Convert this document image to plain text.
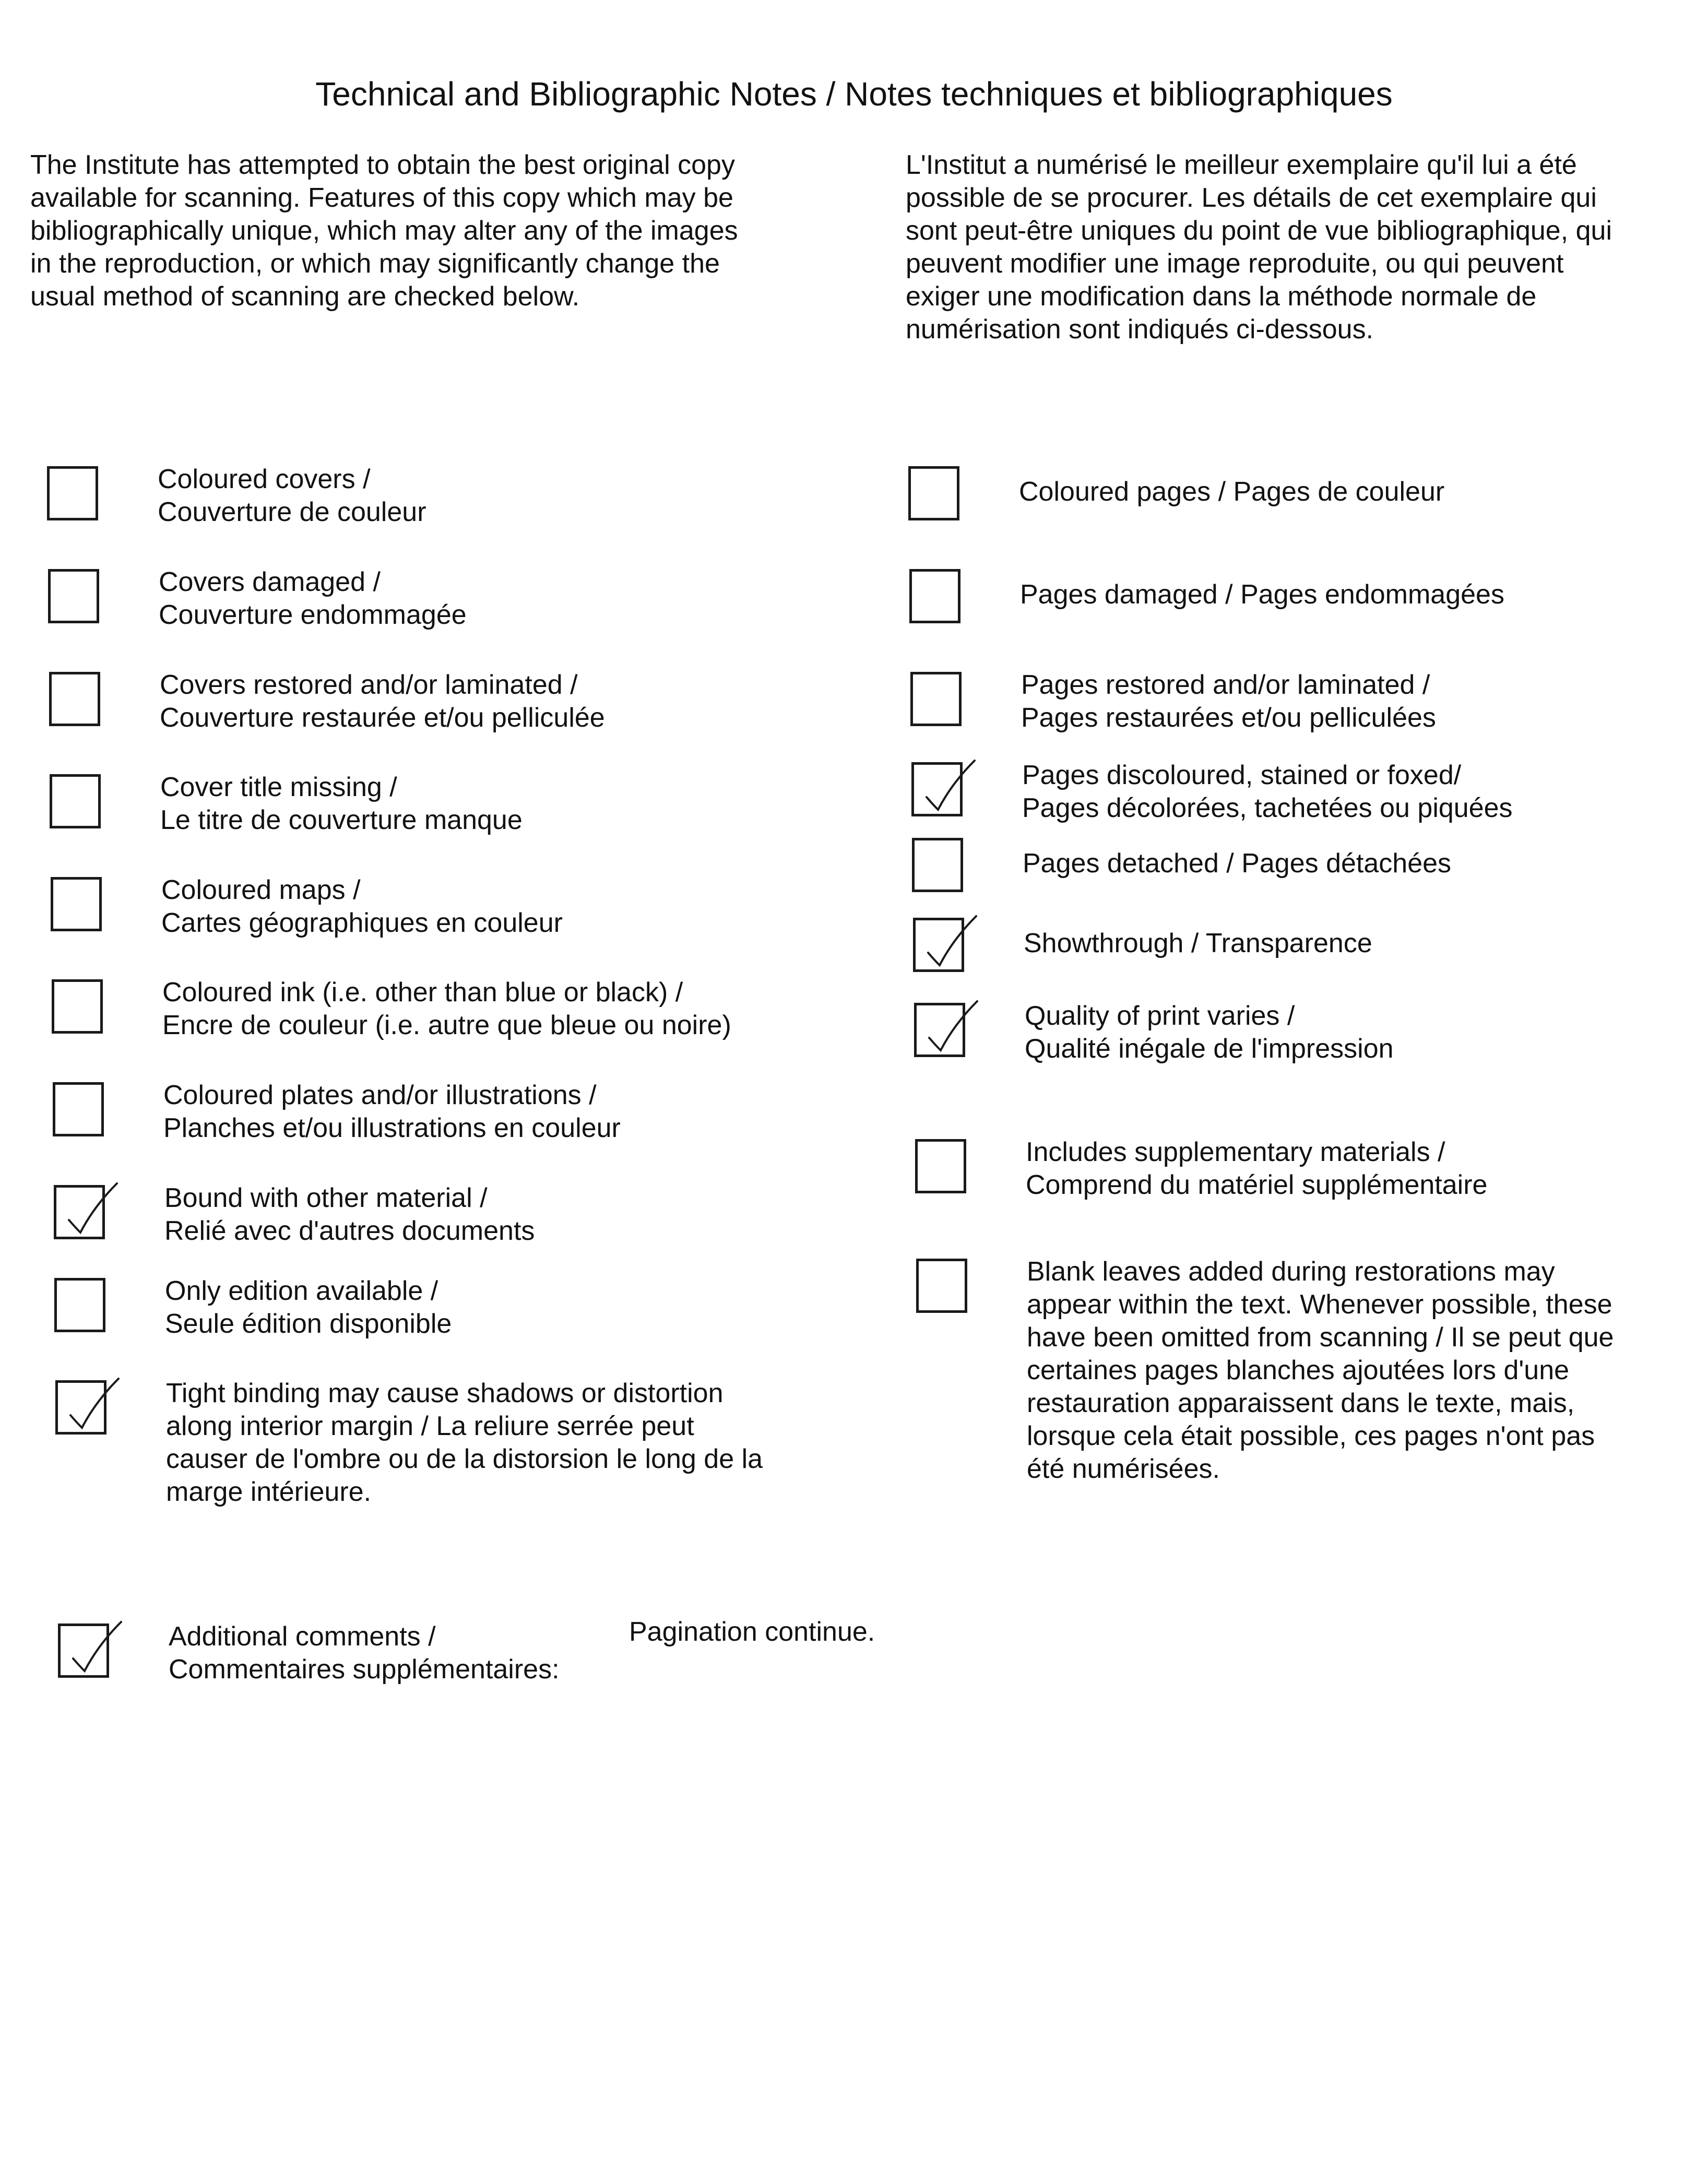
Technical and Bibliographic Notes / Notes techniques et bibliographiques
The Institute has attempted to obtain the best original copy
available for scanning. Features of this copy which may be
bibliographically unique, which may alter any of the images
in the reproduction, or which may significantly change the
usual method of scanning are checked below.
L'Institut a numérisé le meilleur exemplaire qu'il lui a été
possible de se procurer. Les détails de cet exemplaire qui
sont peut-être uniques du point de vue bibliographique, qui
peuvent modifier une image reproduite, ou qui peuvent
exiger une modification dans la méthode normale de
numérisation sont indiqués ci-dessous.
Coloured covers /
Couverture de couleur
Covers damaged /
Couverture endommagée
Covers restored and/or laminated /
Couverture restaurée et/ou pelliculée
Cover title missing /
Le titre de couverture manque
Coloured maps /
Cartes géographiques en couleur
Coloured ink (i.e. other than blue or black) /
Encre de couleur (i.e. autre que bleue ou noire)
Coloured plates and/or illustrations /
Planches et/ou illustrations en couleur
Bound with other material /
Relié avec d'autres documents
Only edition available /
Seule édition disponible
Tight binding may cause shadows or distortion
along interior margin / La reliure serrée peut
causer de l'ombre ou de la distorsion le long de la
marge intérieure.
Coloured pages / Pages de couleur
Pages damaged / Pages endommagées
Pages restored and/or laminated /
Pages restaurées et/ou pelliculées
Pages discoloured, stained or foxed/
Pages décolorées, tachetées ou piquées
Pages detached / Pages détachées
Showthrough / Transparence
Quality of print varies /
Qualité inégale de l'impression
Includes supplementary materials /
Comprend du matériel supplémentaire
Blank leaves added during restorations may
appear within the text. Whenever possible, these
have been omitted from scanning / Il se peut que
certaines pages blanches ajoutées lors d'une
restauration apparaissent dans le texte, mais,
lorsque cela était possible, ces pages n'ont pas
été numérisées.
Additional comments /
Commentaires supplémentaires:
Pagination continue.
